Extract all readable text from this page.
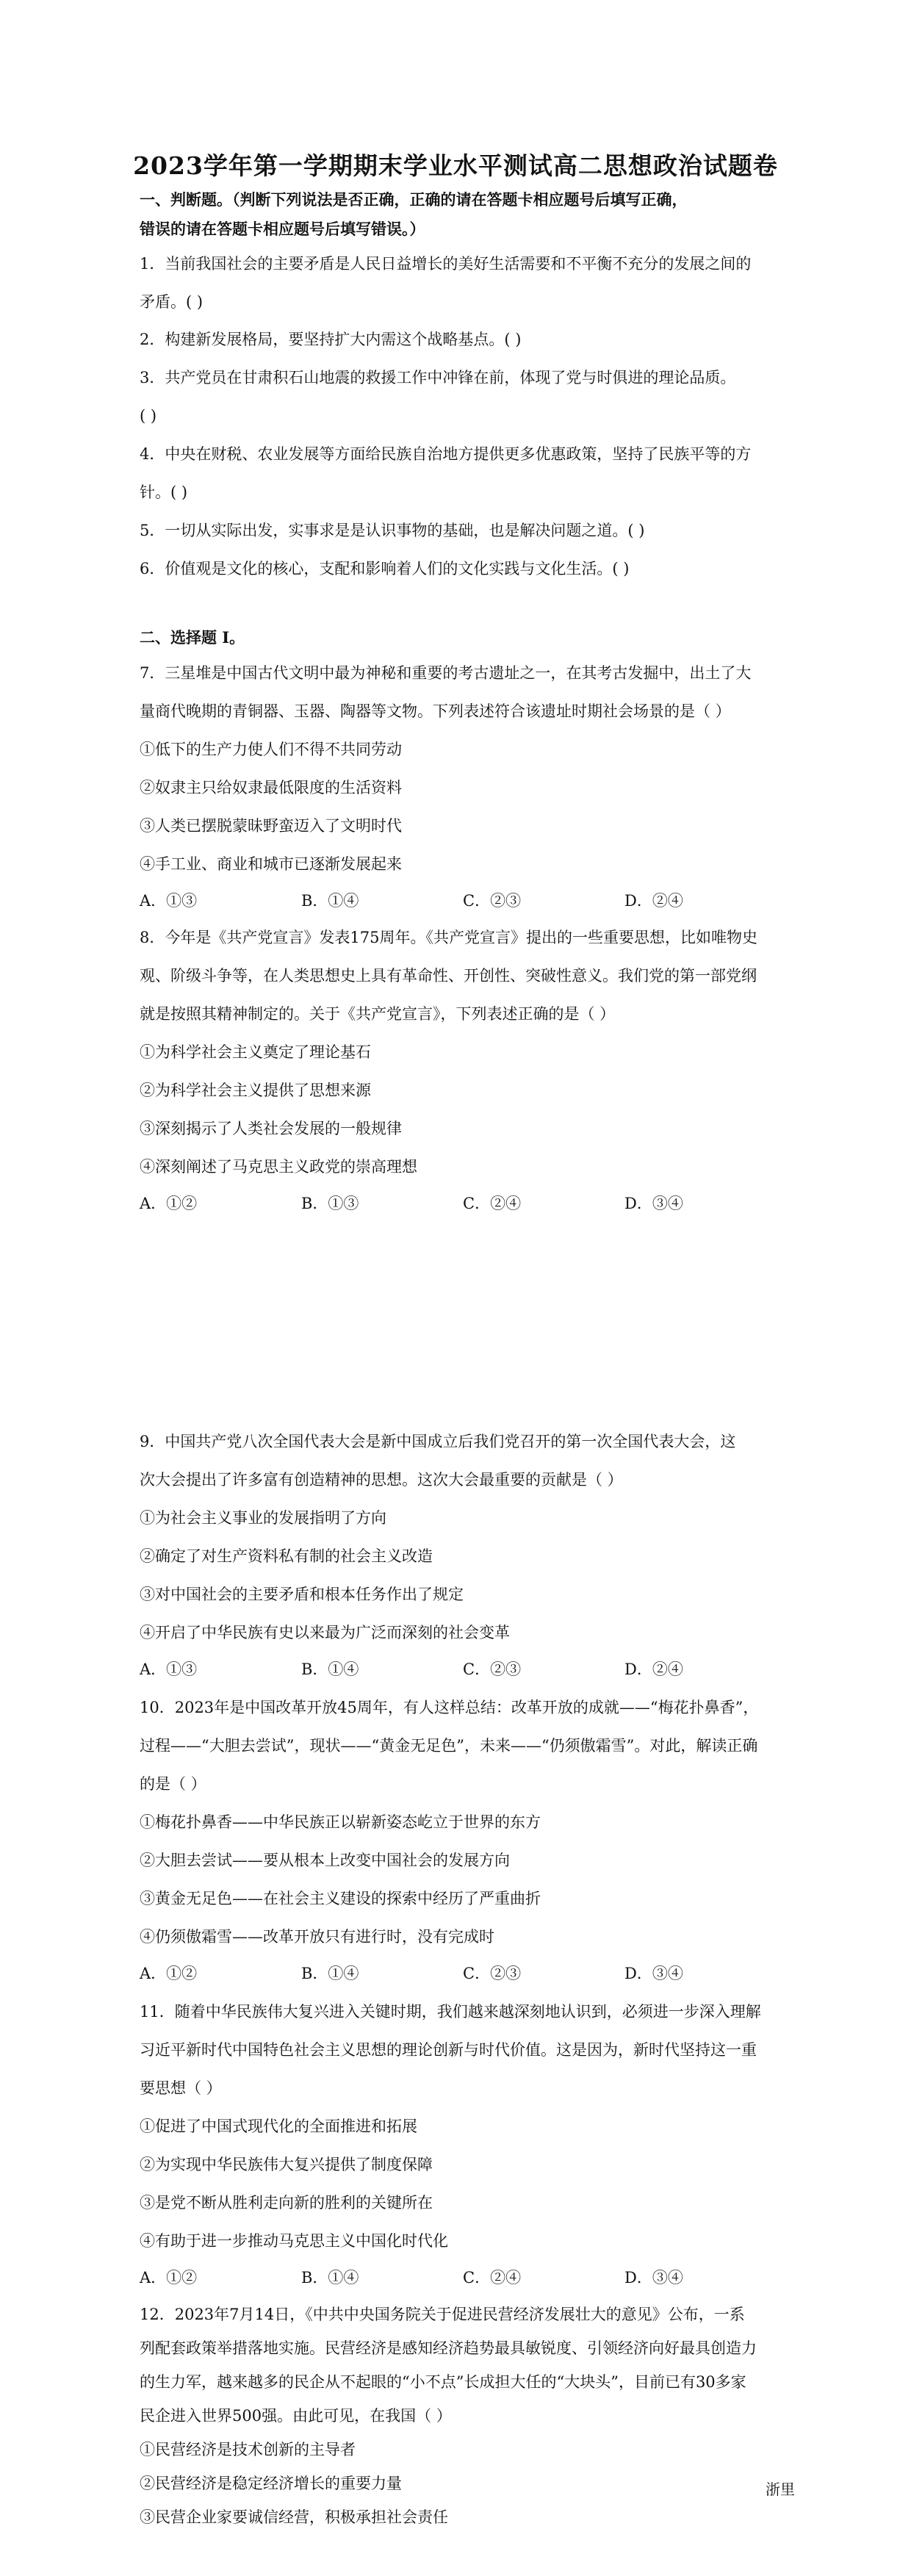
2023学年第一学期期末学业水平测试高二思想政治试题卷
一、判断题。（判断下列说法是否正确，正确的请在答题卡相应题号后填写正确，
错误的请在答题卡相应题号后填写错误。）
1．当前我国社会的主要矛盾是人民日益增长的美好生活需要和不平衡不充分的发展之间的
矛盾。( )
2．构建新发展格局，要坚持扩大内需这个战略基点。( )
3．共产党员在甘肃积石山地震的救援工作中冲锋在前，体现了党与时俱进的理论品质。
( )
4．中央在财税、农业发展等方面给民族自治地方提供更多优惠政策，坚持了民族平等的方
针。( )
5．一切从实际出发，实事求是是认识事物的基础，也是解决问题之道。( )
6．价值观是文化的核心，支配和影响着人们的文化实践与文化生活。( )
二、选择题 I。
7．三星堆是中国古代文明中最为神秘和重要的考古遗址之一，在其考古发掘中，出土了大
量商代晚期的青铜器、玉器、陶器等文物。下列表述符合该遗址时期社会场景的是（ ）
①低下的生产力使人们不得不共同劳动
②奴隶主只给奴隶最低限度的生活资料
③人类已摆脱蒙昧野蛮迈入了文明时代
④手工业、商业和城市已逐渐发展起来
A．①③	B．①④	C．②③	D．②④
8．今年是《共产党宣言》发表175周年。《共产党宣言》提出的一些重要思想，比如唯物史
观、阶级斗争等，在人类思想史上具有革命性、开创性、突破性意义。我们党的第一部党纲
就是按照其精神制定的。关于《共产党宣言》，下列表述正确的是（ ）
①为科学社会主义奠定了理论基石
②为科学社会主义提供了思想来源
③深刻揭示了人类社会发展的一般规律
④深刻阐述了马克思主义政党的崇高理想
A．①②	B．①③	C．②④	D．③④
9．中国共产党八次全国代表大会是新中国成立后我们党召开的第一次全国代表大会，这
次大会提出了许多富有创造精神的思想。这次大会最重要的贡献是（ ）
①为社会主义事业的发展指明了方向
②确定了对生产资料私有制的社会主义改造
③对中国社会的主要矛盾和根本任务作出了规定
④开启了中华民族有史以来最为广泛而深刻的社会变革
A．①③	B．①④	C．②③	D．②④
10．2023年是中国改革开放45周年，有人这样总结：改革开放的成就——“梅花扑鼻香”，
过程——“大胆去尝试”，现状——“黄金无足色”，未来——“仍须傲霜雪”。对此，解读正确
的是（ ）
①梅花扑鼻香——中华民族正以崭新姿态屹立于世界的东方
②大胆去尝试——要从根本上改变中国社会的发展方向
③黄金无足色——在社会主义建设的探索中经历了严重曲折
④仍须傲霜雪——改革开放只有进行时，没有完成时
A．①②	B．①④	C．②③	D．③④
11．随着中华民族伟大复兴进入关键时期，我们越来越深刻地认识到，必须进一步深入理解
习近平新时代中国特色社会主义思想的理论创新与时代价值。这是因为，新时代坚持这一重
要思想（ ）
①促进了中国式现代化的全面推进和拓展
②为实现中华民族伟大复兴提供了制度保障
③是党不断从胜利走向新的胜利的关键所在
④有助于进一步推动马克思主义中国化时代化
A．①②	B．①④	C．②④	D．③④
12．2023年7月14日，《中共中央国务院关于促进民营经济发展壮大的意见》公布，一系
列配套政策举措落地实施。民营经济是感知经济趋势最具敏锐度、引领经济向好最具创造力
的生力军，越来越多的民企从不起眼的“小不点”长成担大任的“大块头”，目前已有30多家
民企进入世界500强。由此可见，在我国（ ）
①民营经济是技术创新的主导者
②民营经济是稳定经济增长的重要力量
③民营企业家要诚信经营，积极承担社会责任
浙里
